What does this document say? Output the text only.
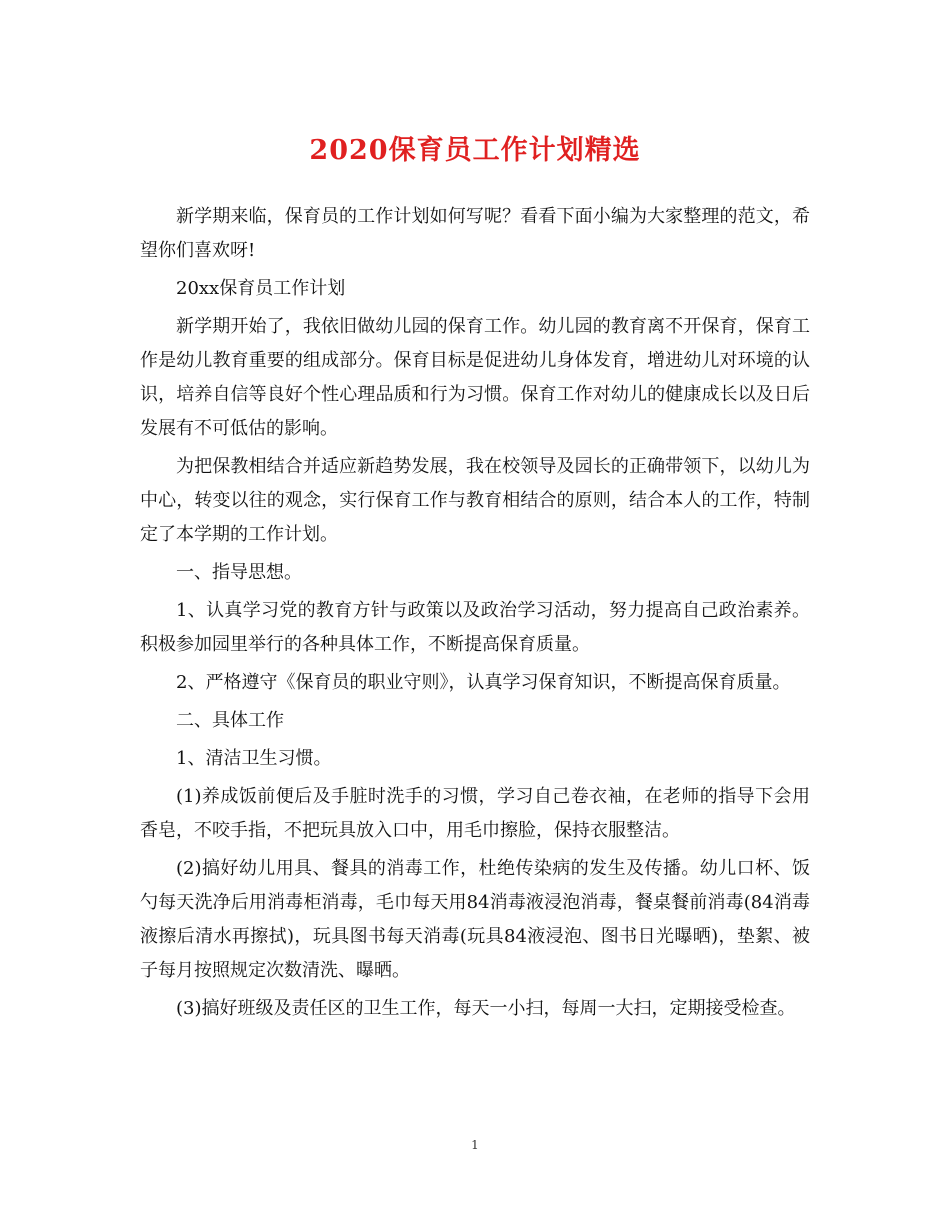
2020保育员工作计划精选

新学期来临，保育员的工作计划如何写呢？看看下面小编为大家整理的范文，希望你们喜欢呀!

20xx保育员工作计划

新学期开始了，我依旧做幼儿园的保育工作。幼儿园的教育离不开保育，保育工作是幼儿教育重要的组成部分。保育目标是促进幼儿身体发育，增进幼儿对环境的认识，培养自信等良好个性心理品质和行为习惯。保育工作对幼儿的健康成长以及日后发展有不可低估的影响。

为把保教相结合并适应新趋势发展，我在校领导及园长的正确带领下，以幼儿为中心，转变以往的观念，实行保育工作与教育相结合的原则，结合本人的工作，特制定了本学期的工作计划。

一、指导思想。

1、认真学习党的教育方针与政策以及政治学习活动，努力提高自己政治素养。积极参加园里举行的各种具体工作，不断提高保育质量。

2、严格遵守《保育员的职业守则》，认真学习保育知识，不断提高保育质量。

二、具体工作

1、清洁卫生习惯。

(1)养成饭前便后及手脏时洗手的习惯，学习自己卷衣袖，在老师的指导下会用香皂，不咬手指，不把玩具放入口中，用毛巾擦脸，保持衣服整洁。

(2)搞好幼儿用具、餐具的消毒工作，杜绝传染病的发生及传播。幼儿口杯、饭勺每天洗净后用消毒柜消毒，毛巾每天用84消毒液浸泡消毒，餐桌餐前消毒(84消毒液擦后清水再擦拭)，玩具图书每天消毒(玩具84液浸泡、图书日光曝晒)，垫絮、被子每月按照规定次数清洗、曝晒。

(3)搞好班级及责任区的卫生工作，每天一小扫，每周一大扫，定期接受检查。

1
